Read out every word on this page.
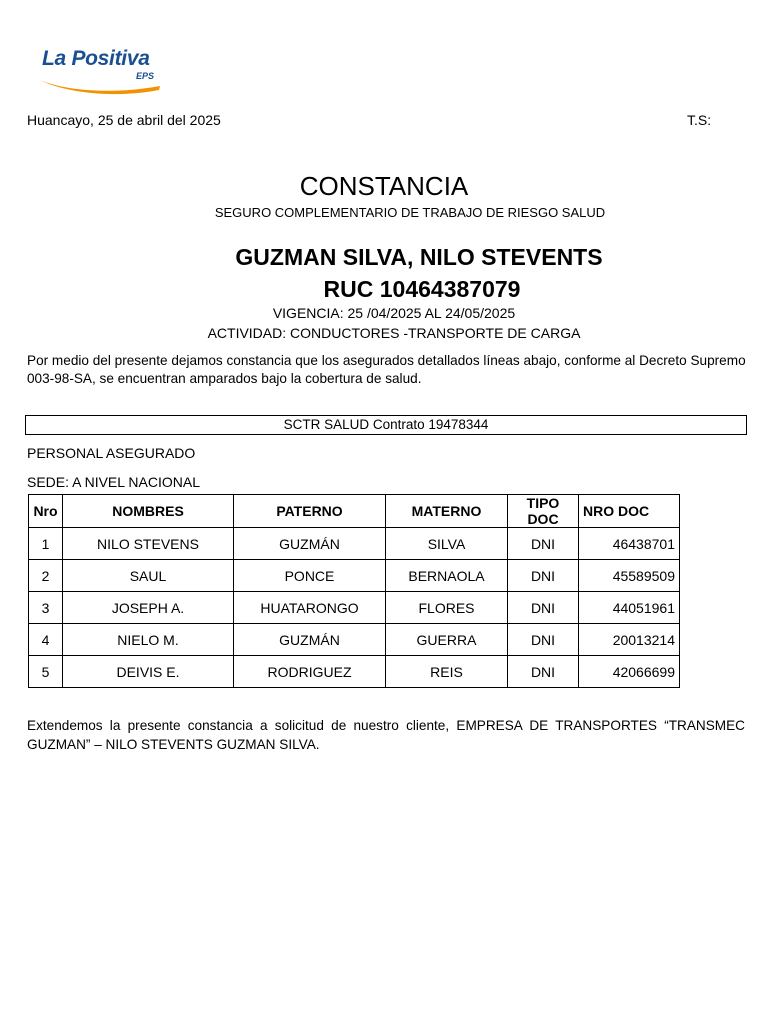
La Positiva
EPS
Huancayo, 25 de abril del 2025	T.S:
CONSTANCIA
SEGURO COMPLEMENTARIO DE TRABAJO DE RIESGO SALUD
GUZMAN SILVA, NILO STEVENTS
RUC 10464387079
VIGENCIA: 25 /04/2025 AL 24/05/2025
ACTIVIDAD: CONDUCTORES -TRANSPORTE DE CARGA
Por medio del presente dejamos constancia que los asegurados detallados líneas abajo, conforme al Decreto Supremo 003-98-SA, se encuentran amparados bajo la cobertura de salud.
SCTR SALUD Contrato 19478344
PERSONAL ASEGURADO
SEDE: A NIVEL NACIONAL
Nro	NOMBRES	PATERNO	MATERNO	TIPO DOC	NRO DOC
1	NILO STEVENS	GUZMÁN	SILVA	DNI	46438701
2	SAUL	PONCE	BERNAOLA	DNI	45589509
3	JOSEPH A.	HUATARONGO	FLORES	DNI	44051961
4	NIELO M.	GUZMÁN	GUERRA	DNI	20013214
5	DEIVIS E.	RODRIGUEZ	REIS	DNI	42066699
Extendemos la presente constancia a solicitud de nuestro cliente, EMPRESA DE TRANSPORTES “TRANSMEC GUZMAN” – NILO STEVENTS GUZMAN SILVA.
